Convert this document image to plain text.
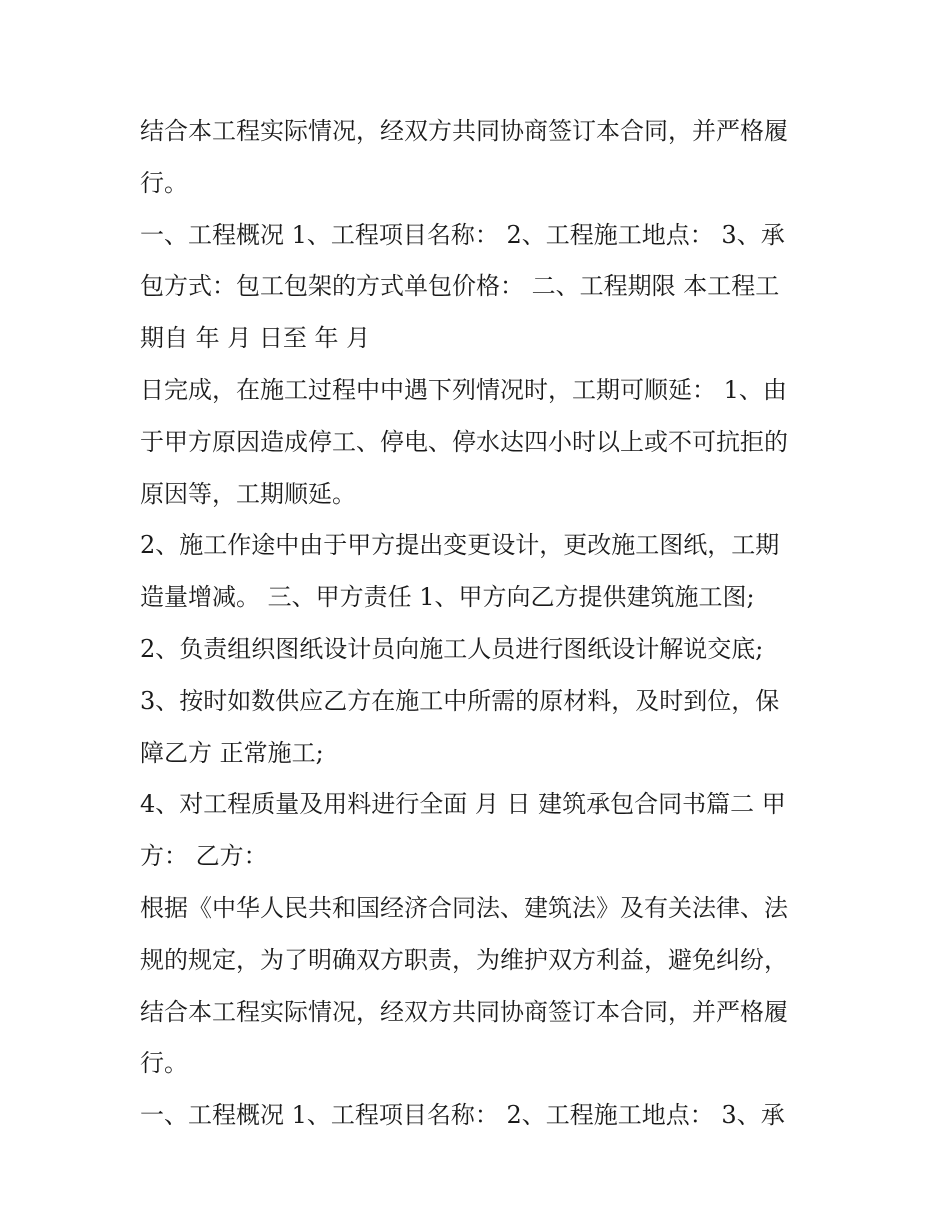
结合本工程实际情况，经双方共同协商签订本合同，并严格履

行。

一、工程概况 1、工程项目名称： 2、工程施工地点： 3、承

包方式：包工包架的方式单包价格： 二、工程期限 本工程工

期自 年 月 日至 年 月

日完成，在施工过程中中遇下列情况时，工期可顺延： 1、由

于甲方原因造成停工、停电、停水达四小时以上或不可抗拒的

原因等，工期顺延。

2、施工作途中由于甲方提出变更设计，更改施工图纸，工期

造量增减。 三、甲方责任 1、甲方向乙方提供建筑施工图;

2、负责组织图纸设计员向施工人员进行图纸设计解说交底;

3、按时如数供应乙方在施工中所需的原材料，及时到位，保

障乙方 正常施工;

4、对工程质量及用料进行全面 月 日 建筑承包合同书篇二 甲

方： 乙方：

根据《中华人民共和国经济合同法、建筑法》及有关法律、法

规的规定，为了明确双方职责，为维护双方利益，避免纠纷，

结合本工程实际情况，经双方共同协商签订本合同，并严格履

行。

一、工程概况 1、工程项目名称： 2、工程施工地点： 3、承
